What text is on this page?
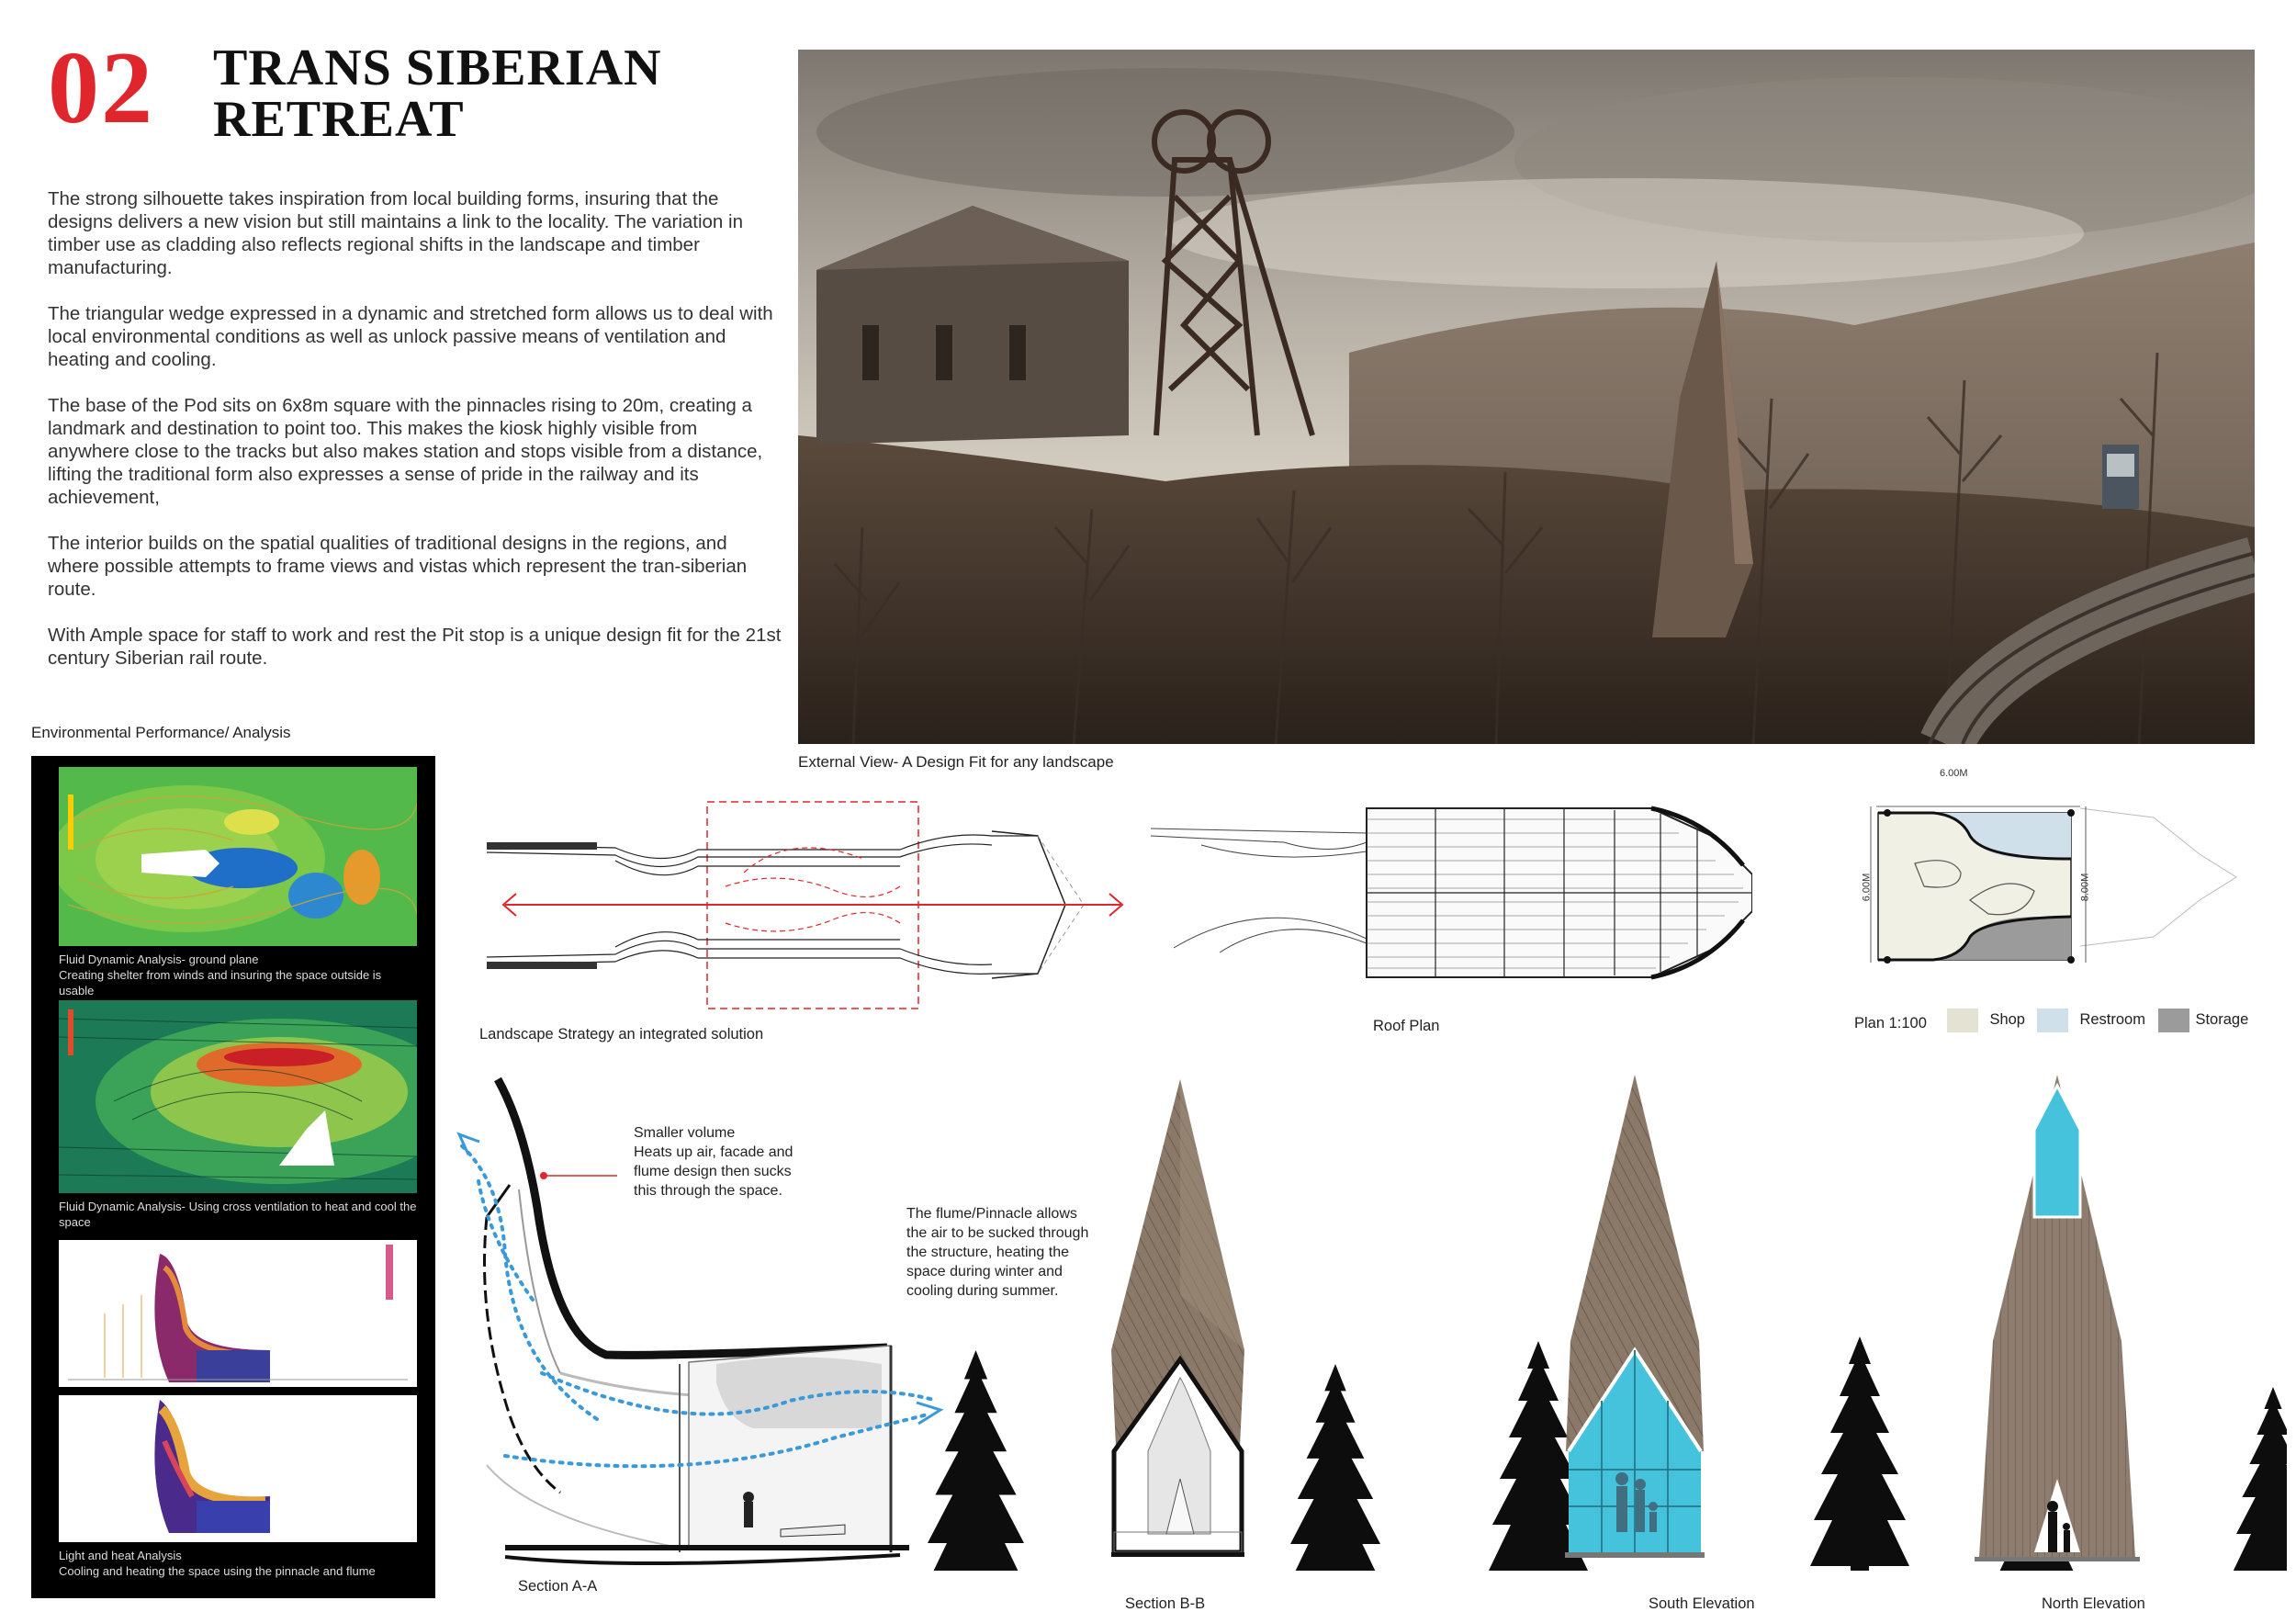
02 TRANS SIBERIAN
RETREAT

The strong silhouette takes inspiration from local building forms, insuring that the designs delivers a new vision but still maintains a link to the locality. The variation in timber use as cladding also reflects regional shifts in the landscape and timber manufacturing.

The triangular wedge expressed in a dynamic and stretched form allows us to deal with local environmental conditions as well as unlock passive means of ventilation and heating and cooling.

The base of the Pod sits on 6x8m square with the pinnacles rising to 20m, creating a landmark and destination to point too. This makes the kiosk highly visible from anywhere close to the tracks but also makes station and stops visible from a distance, lifting the traditional form also expresses a sense of pride in the railway and its achievement,

The interior builds on the spatial qualities of traditional designs in the regions, and where possible attempts to frame views and vistas which represent the tran-siberian route.

With Ample space for staff to work and rest the Pit stop is a unique design fit for the 21st century Siberian rail route.

External View- A Design Fit for any landscape
Environmental Performance/ Analysis
Fluid Dynamic Analysis- ground plane
Creating shelter from winds and insuring the space outside is usable
Fluid Dynamic Analysis- Using cross ventilation to heat and cool the space
Light and heat Analysis
Cooling and heating the space using the pinnacle and flume
Landscape Strategy an integrated solution	Roof Plan
6.00M
6.00M	8.00M
Plan 1:100	Shop	Restroom	Storage
Smaller volume
Heats up air, facade and flume design then sucks this through the space.
The flume/Pinnacle allows the air to be sucked through the structure, heating the space during winter and cooling during summer.
Section A-A
Section B-B	South Elevation	North Elevation
